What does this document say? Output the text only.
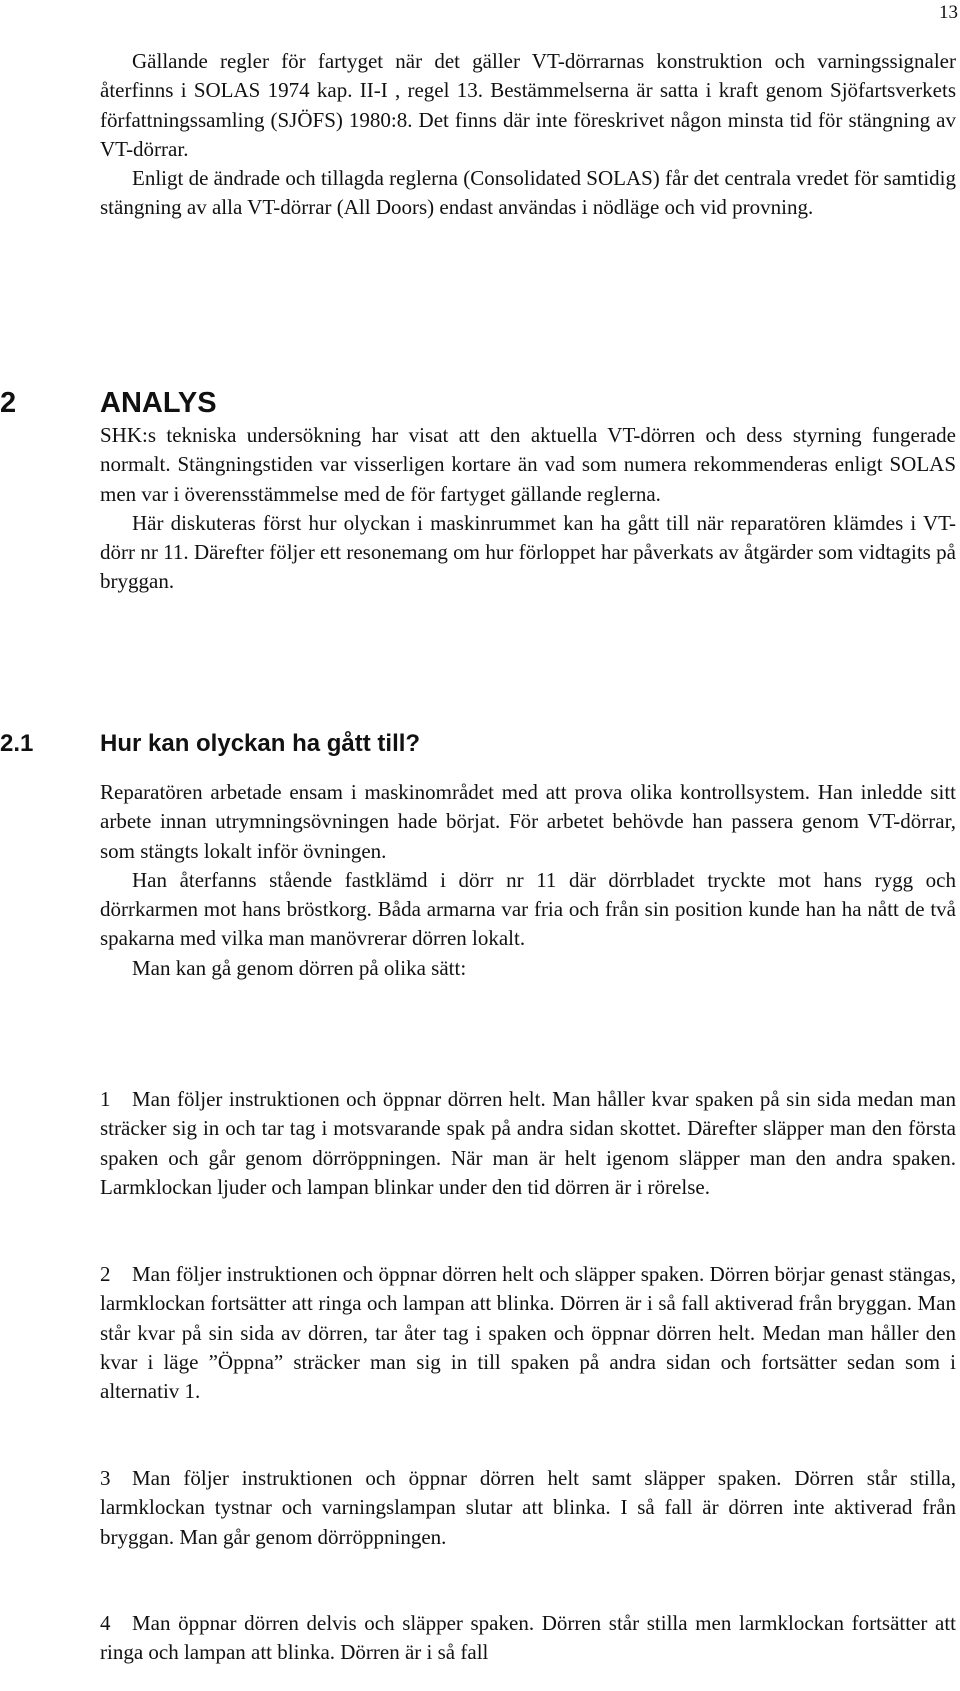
13

Gällande regler för fartyget när det gäller VT-dörrarnas konstruktion och varningssignaler återfinns i SOLAS 1974 kap. II-I , regel 13. Bestämmelserna är satta i kraft genom Sjöfartsverkets författningssamling (SJÖFS) 1980:8. Det finns där inte föreskrivet någon minsta tid för stängning av VT-dörrar.

Enligt de ändrade och tillagda reglerna (Consolidated SOLAS) får det centrala vredet för samtidig stängning av alla VT-dörrar (All Doors) endast användas i nödläge och vid provning.

2	ANALYS

SHK:s tekniska undersökning har visat att den aktuella VT-dörren och dess styrning fungerade normalt. Stängningstiden var visserligen kortare än vad som numera rekommenderas enligt SOLAS men var i överensstämmelse med de för fartyget gällande reglerna.

Här diskuteras först hur olyckan i maskinrummet kan ha gått till när reparatören klämdes i VT-dörr nr 11. Därefter följer ett resonemang om hur förloppet har påverkats av åtgärder som vidtagits på bryggan.

2.1	Hur kan olyckan ha gått till?

Reparatören arbetade ensam i maskinområdet med att prova olika kontrollsystem. Han inledde sitt arbete innan utrymningsövningen hade börjat. För arbetet behövde han passera genom VT-dörrar, som stängts lokalt inför övningen.

Han återfanns stående fastklämd i dörr nr 11 där dörrbladet tryckte mot hans rygg och dörrkarmen mot hans bröstkorg. Båda armarna var fria och från sin position kunde han ha nått de två spakarna med vilka man manövrerar dörren lokalt.

Man kan gå genom dörren på olika sätt:

1 Man följer instruktionen och öppnar dörren helt. Man håller kvar spaken på sin sida medan man sträcker sig in och tar tag i motsvarande spak på andra sidan skottet. Därefter släpper man den första spaken och går genom dörröppningen. När man är helt igenom släpper man den andra spaken. Larmklockan ljuder och lampan blinkar under den tid dörren är i rörelse.

2 Man följer instruktionen och öppnar dörren helt och släpper spaken. Dörren börjar genast stängas, larmklockan fortsätter att ringa och lampan att blinka. Dörren är i så fall aktiverad från bryggan. Man står kvar på sin sida av dörren, tar åter tag i spaken och öppnar dörren helt. Medan man håller den kvar i läge ”Öppna” sträcker man sig in till spaken på andra sidan och fortsätter sedan som i alternativ 1.

3 Man följer instruktionen och öppnar dörren helt samt släpper spaken. Dörren står stilla, larmklockan tystnar och varningslampan slutar att blinka. I så fall är dörren inte aktiverad från bryggan. Man går genom dörröppningen.

4 Man öppnar dörren delvis och släpper spaken. Dörren står stilla men larmklockan fortsätter att ringa och lampan att blinka. Dörren är i så fall
